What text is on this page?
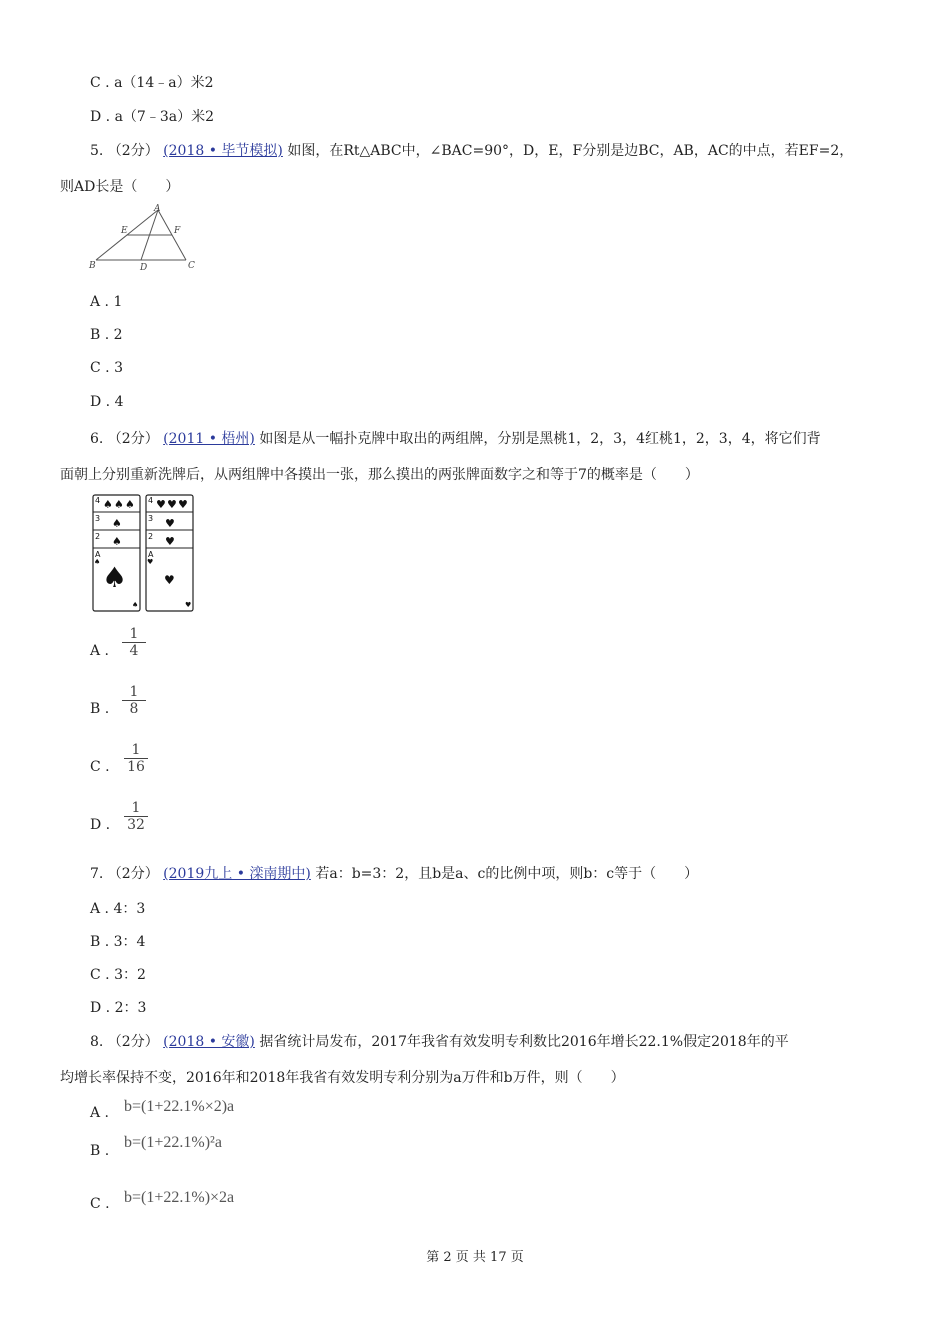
C . a（14﹣a）米2
D . a（7﹣3a）米2
5. （2分） (2018 • 毕节模拟) 如图，在Rt△ABC中，∠BAC=90°，D，E，F分别是边BC，AB，AC的中点，若EF=2，
则AD长是（　　）
A
B	C
D
E	F
A . 1
B . 2
C . 3
D . 4
6. （2分） (2011 • 梧州) 如图是从一幅扑克牌中取出的两组牌，分别是黑桃1，2，3，4红桃1，2，3，4，将它们背
面朝上分别重新洗牌后，从两组牌中各摸出一张，那么摸出的两张牌面数字之和等于7的概率是（　　）
4
3
2
A
♠ ♠ ♠
♠
♠
♠ ♠
♠
4
3
2
A
♥ ♥ ♥
♥
♥
♥
♥
♥
A . $\frac{1}{4}$
B . $\frac{1}{8}$
C . $\frac{1}{16}$
D . $\frac{1}{32}$
7. （2分） (2019九上 • 滦南期中) 若a：b=3：2，且b是a、c的比例中项，则b：c等于（　　）
A . 4：3
B . 3：4
C . 3：2
D . 2：3
8. （2分） (2018 • 安徽) 据省统计局发布，2017年我省有效发明专利数比2016年增长22.1%假定2018年的平
均增长率保持不变，2016年和2018年我省有效发明专利分别为a万件和b万件，则（　　）
A . b=(1+22.1%×2)a
B . b=(1+22.1%)²a
C . b=(1+22.1%)×2a
第 2 页 共 17 页
